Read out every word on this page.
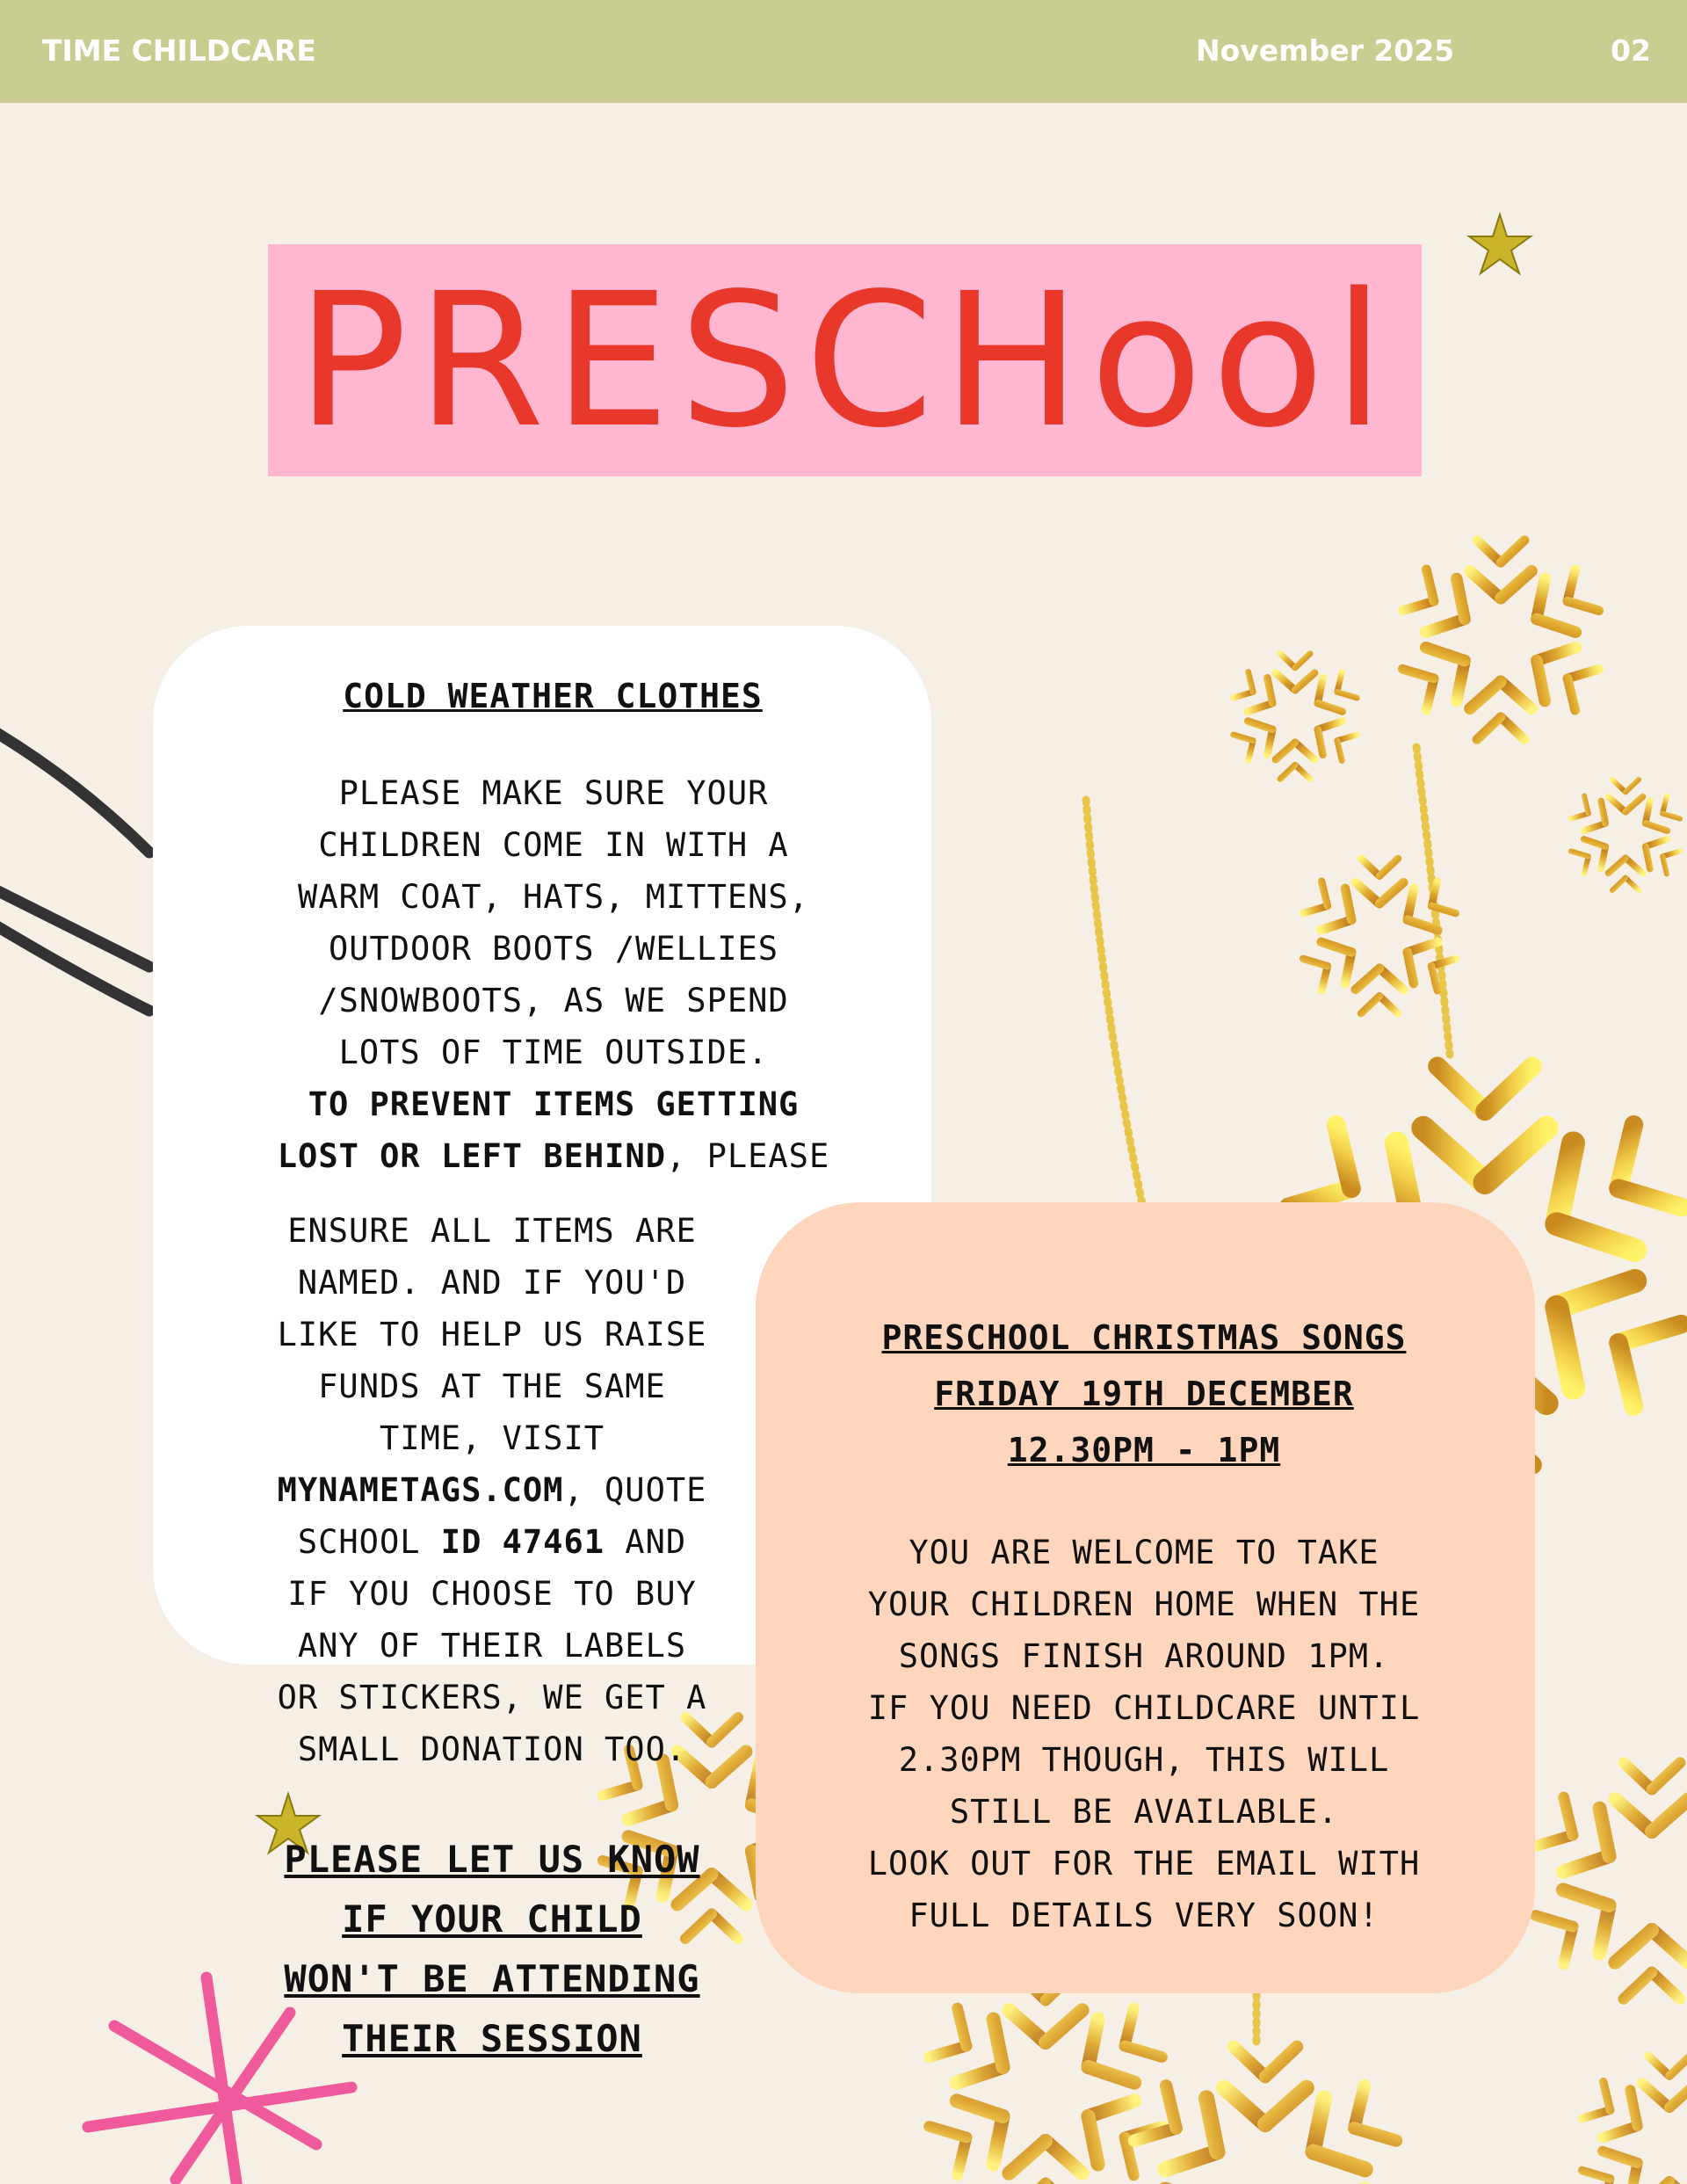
TIME CHILDCARE	November 2025	02
PRESCHool
COLD WEATHER CLOTHES
PLEASE MAKE SURE YOUR
CHILDREN COME IN WITH A
WARM COAT, HATS, MITTENS,
OUTDOOR BOOTS /WELLIES
/SNOWBOOTS, AS WE SPEND
LOTS OF TIME OUTSIDE.
TO PREVENT ITEMS GETTING
LOST OR LEFT BEHIND, PLEASE
ENSURE ALL ITEMS ARE
NAMED. AND IF YOU'D
LIKE TO HELP US RAISE
FUNDS AT THE SAME
TIME, VISIT
MYNAMETAGS.COM, QUOTE
SCHOOL ID 47461 AND
IF YOU CHOOSE TO BUY
ANY OF THEIR LABELS
OR STICKERS, WE GET A
SMALL DONATION TOO.
PLEASE LET US KNOW
IF YOUR CHILD
WON'T BE ATTENDING
THEIR SESSION
PRESCHOOL CHRISTMAS SONGS
FRIDAY 19TH DECEMBER
12.30PM - 1PM
YOU ARE WELCOME TO TAKE
YOUR CHILDREN HOME WHEN THE
SONGS FINISH AROUND 1PM.
IF YOU NEED CHILDCARE UNTIL
2.30PM THOUGH, THIS WILL
STILL BE AVAILABLE.
LOOK OUT FOR THE EMAIL WITH
FULL DETAILS VERY SOON!
